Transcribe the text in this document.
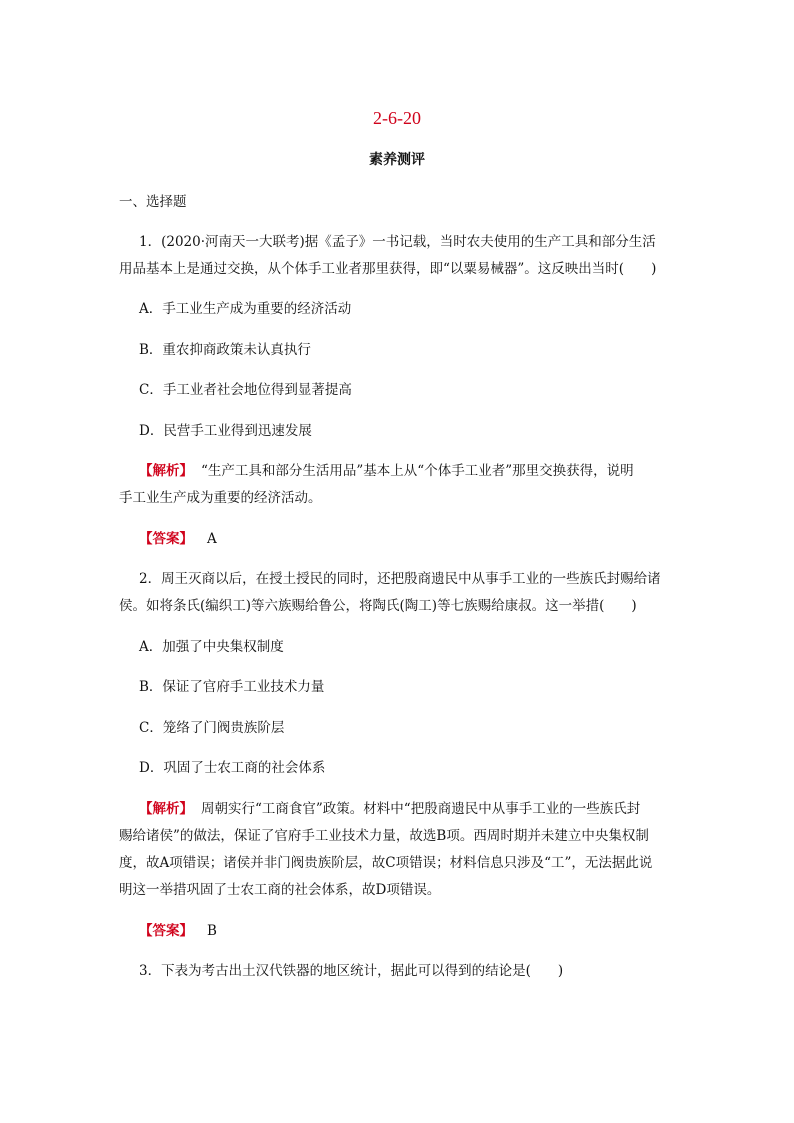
2-6-20
素养测评
一、选择题
1．(2020·河南天一大联考)据《孟子》一书记载，当时农夫使用的生产工具和部分生活
用品基本上是通过交换，从个体手工业者那里获得，即“以粟易械器”。这反映出当时(　　)
A．手工业生产成为重要的经济活动
B．重农抑商政策未认真执行
C．手工业者社会地位得到显著提高
D．民营手工业得到迅速发展
【解析】 “生产工具和部分生活用品”基本上从“个体手工业者”那里交换获得，说明
手工业生产成为重要的经济活动。
【答案】 A
2．周王灭商以后，在授土授民的同时，还把殷商遗民中从事手工业的一些族氏封赐给诸
侯。如将条氏(编织工)等六族赐给鲁公，将陶氏(陶工)等七族赐给康叔。这一举措(　　)
A．加强了中央集权制度
B．保证了官府手工业技术力量
C．笼络了门阀贵族阶层
D．巩固了士农工商的社会体系
【解析】 周朝实行“工商食官”政策。材料中“把殷商遗民中从事手工业的一些族氏封
赐给诸侯”的做法，保证了官府手工业技术力量，故选B项。西周时期并未建立中央集权制
度，故A项错误；诸侯并非门阀贵族阶层，故C项错误；材料信息只涉及“工”，无法据此说
明这一举措巩固了士农工商的社会体系，故D项错误。
【答案】 B
3．下表为考古出土汉代铁器的地区统计，据此可以得到的结论是(　　)
